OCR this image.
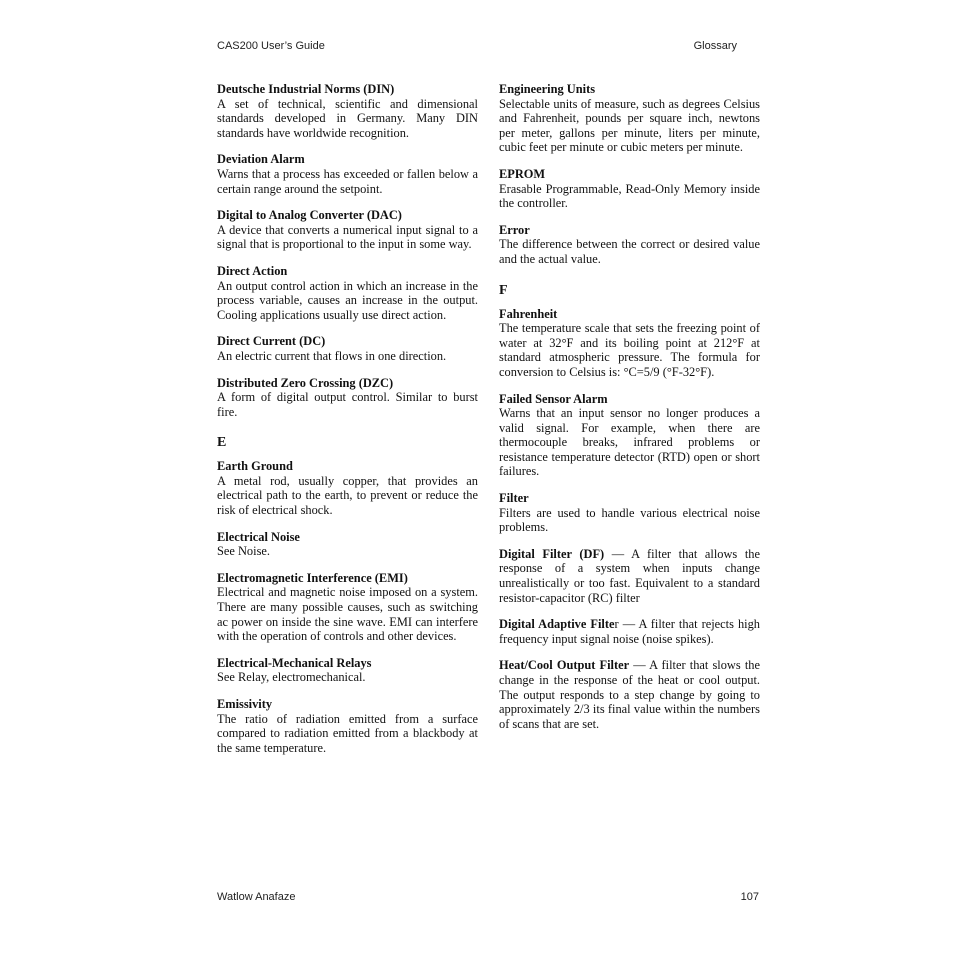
CAS200 User’s Guide	Glossary
Deutsche Industrial Norms (DIN)
A set of technical, scientific and dimensional standards developed in Germany. Many DIN standards have worldwide recognition.
Deviation Alarm
Warns that a process has exceeded or fallen below a certain range around the setpoint.
Digital to Analog Converter (DAC)
A device that converts a numerical input signal to a signal that is proportional to the input in some way.
Direct Action
An output control action in which an increase in the process variable, causes an increase in the output. Cooling applications usually use direct action.
Direct Current (DC)
An electric current that flows in one direction.
Distributed Zero Crossing (DZC)
A form of digital output control. Similar to burst fire.
E
Earth Ground
A metal rod, usually copper, that provides an electrical path to the earth, to prevent or reduce the risk of electrical shock.
Electrical Noise
See Noise.
Electromagnetic Interference (EMI)
Electrical and magnetic noise imposed on a system. There are many possible causes, such as switching ac power on inside the sine wave. EMI can interfere with the operation of controls and other devices.
Electrical-Mechanical Relays
See Relay, electromechanical.
Emissivity
The ratio of radiation emitted from a surface compared to radiation emitted from a blackbody at the same temperature.
Engineering Units
Selectable units of measure, such as degrees Celsius and Fahrenheit, pounds per square inch, newtons per meter, gallons per minute, liters per minute, cubic feet per minute or cubic meters per minute.
EPROM
Erasable Programmable, Read-Only Memory inside the controller.
Error
The difference between the correct or desired value and the actual value.
F
Fahrenheit
The temperature scale that sets the freezing point of water at 32°F and its boiling point at 212°F at standard atmospheric pressure. The formula for conversion to Celsius is: °C=5/9 (°F-32°F).
Failed Sensor Alarm
Warns that an input sensor no longer produces a valid signal. For example, when there are thermocouple breaks, infrared problems or resistance temperature detector (RTD) open or short failures.
Filter
Filters are used to handle various electrical noise problems.

Digital Filter (DF) — A filter that allows the response of a system when inputs change unrealistically or too fast. Equivalent to a standard resistor-capacitor (RC) filter

Digital Adaptive Filter — A filter that rejects high frequency input signal noise (noise spikes).

Heat/Cool Output Filter — A filter that slows the change in the response of the heat or cool output. The output responds to a step change by going to approximately 2/3 its final value within the numbers of scans that are set.

Watlow Anafaze	107
